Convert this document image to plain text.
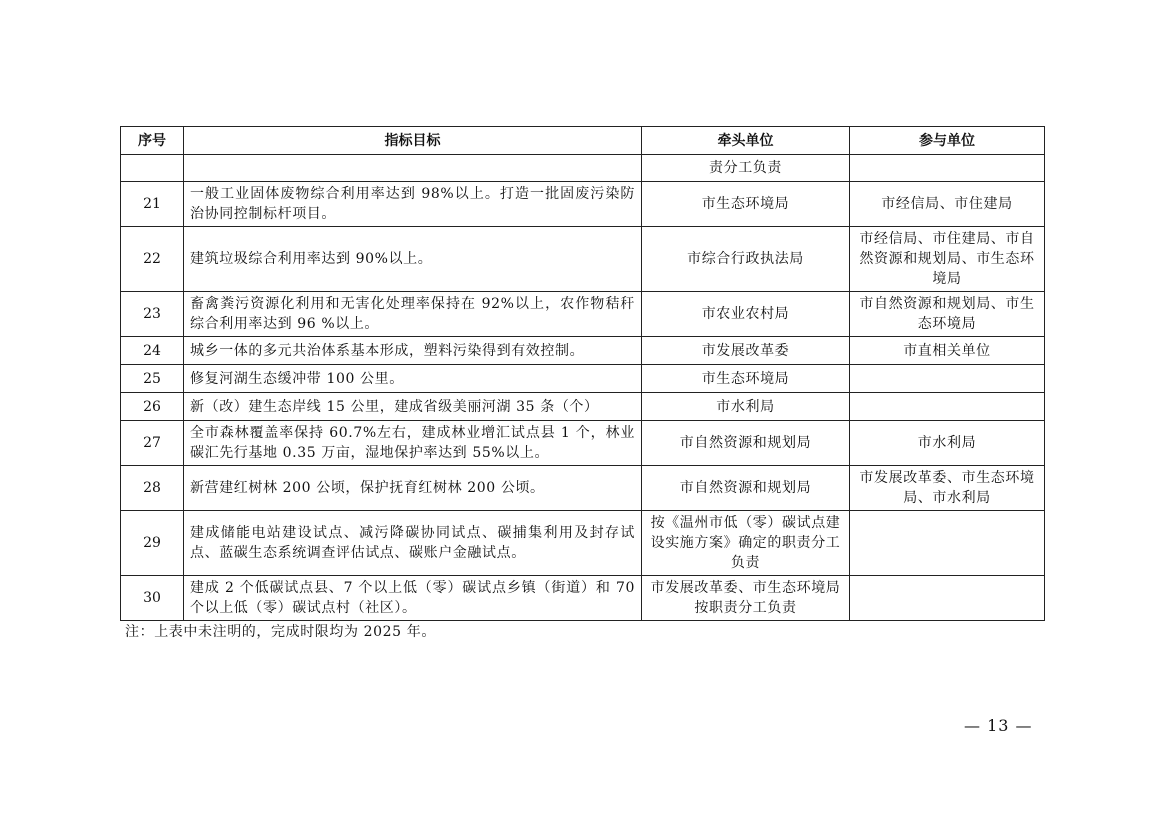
序号	指标目标	牵头单位	参与单位
		责分工负责	
21	一般工业固体废物综合利用率达到 98%以上。打造一批固废污染防治协同控制标杆项目。	市生态环境局	市经信局、市住建局
22	建筑垃圾综合利用率达到 90%以上。	市综合行政执法局	市经信局、市住建局、市自然资源和规划局、市生态环境局
23	畜禽粪污资源化利用和无害化处理率保持在 92%以上，农作物秸秆综合利用率达到 96 %以上。	市农业农村局	市自然资源和规划局、市生态环境局
24	城乡一体的多元共治体系基本形成，塑料污染得到有效控制。	市发展改革委	市直相关单位
25	修复河湖生态缓冲带 100 公里。	市生态环境局	
26	新（改）建生态岸线 15 公里，建成省级美丽河湖 35 条（个）	市水利局	
27	全市森林覆盖率保持 60.7%左右，建成林业增汇试点县 1 个，林业碳汇先行基地 0.35 万亩，湿地保护率达到 55%以上。	市自然资源和规划局	市水利局
28	新营建红树林 200 公顷，保护抚育红树林 200 公顷。	市自然资源和规划局	市发展改革委、市生态环境局、市水利局
29	建成储能电站建设试点、减污降碳协同试点、碳捕集利用及封存试点、蓝碳生态系统调查评估试点、碳账户金融试点。	按《温州市低（零）碳试点建设实施方案》确定的职责分工负责	
30	建成 2 个低碳试点县、7 个以上低（零）碳试点乡镇（街道）和 70 个以上低（零）碳试点村（社区）。	市发展改革委、市生态环境局按职责分工负责	
注：上表中未注明的，完成时限均为 2025 年。
— 13 —
